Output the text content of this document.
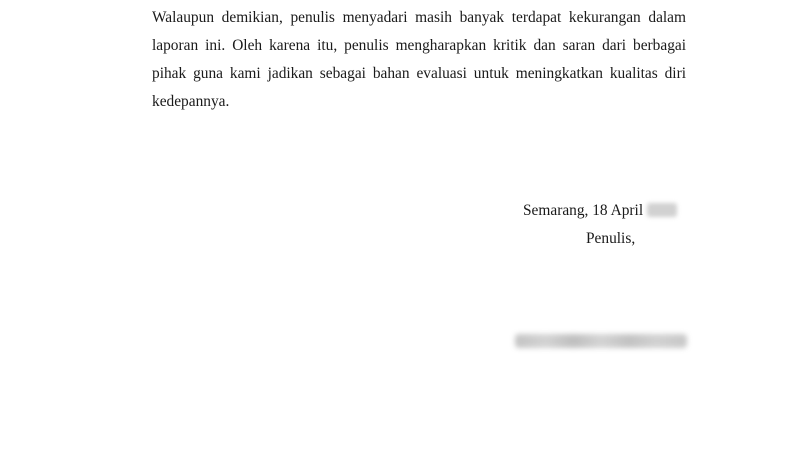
Walaupun demikian, penulis menyadari masih banyak terdapat kekurangan dalam
laporan ini. Oleh karena itu, penulis mengharapkan kritik dan saran dari berbagai
pihak guna kami jadikan sebagai bahan evaluasi untuk meningkatkan kualitas diri
kedepannya.
Semarang, 18 April
Penulis,
